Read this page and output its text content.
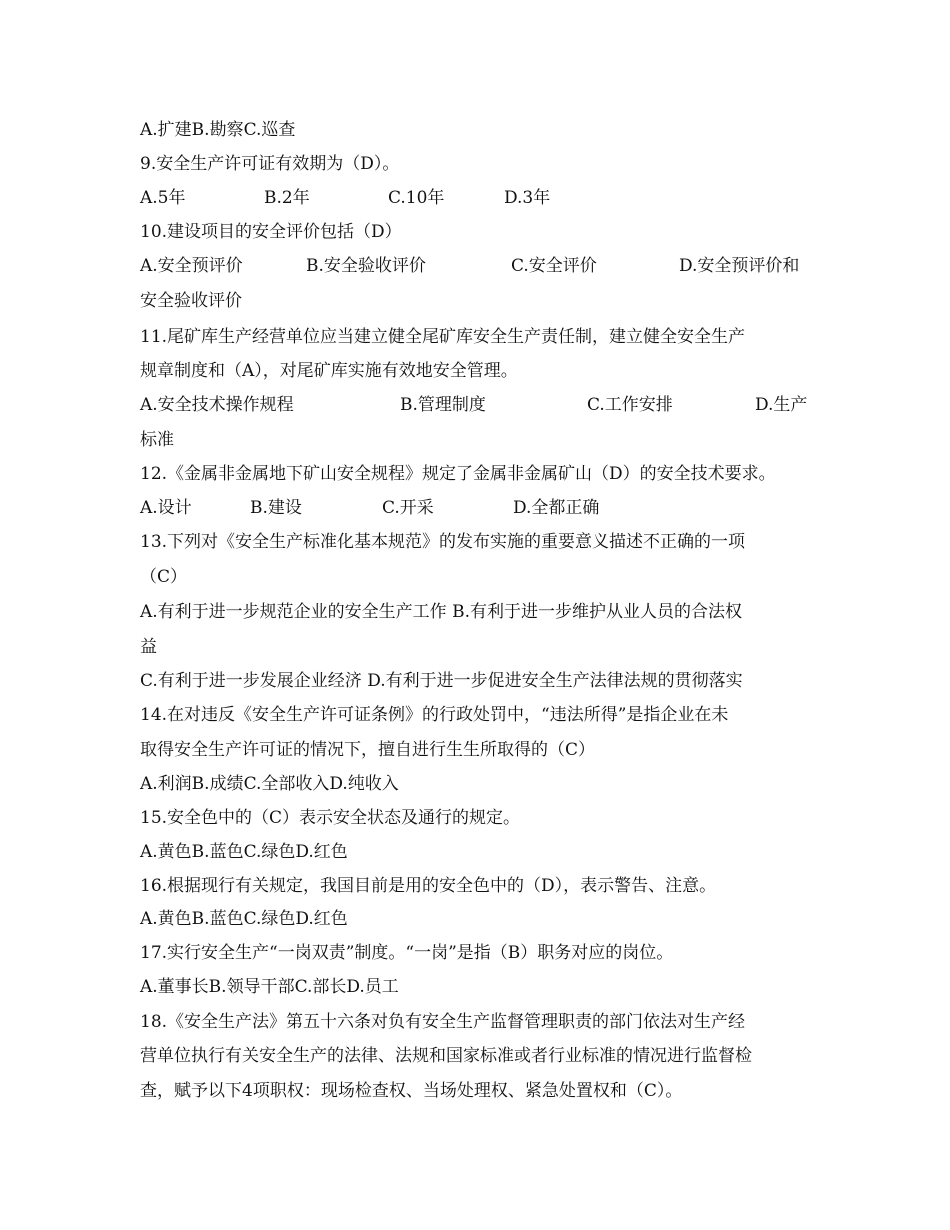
A.扩建B.勘察C.巡查
9.安全生产许可证有效期为（D）。
A.5年	B.2年	C.10年	D.3年
10.建设项目的安全评价包括（D）
A.安全预评价	B.安全验收评价	C.安全评价	D.安全预评价和
安全验收评价
11.尾矿库生产经营单位应当建立健全尾矿库安全生产责任制，建立健全安全生产
规章制度和（A），对尾矿库实施有效地安全管理。
A.安全技术操作规程	B.管理制度	C.工作安排	D.生产
标准
12.《金属非金属地下矿山安全规程》规定了金属非金属矿山（D）的安全技术要求。
A.设计	B.建设	C.开采	D.全都正确
13.下列对《安全生产标准化基本规范》的发布实施的重要意义描述不正确的一项
（C）
A.有利于进一步规范企业的安全生产工作 B.有利于进一步维护从业人员的合法权
益
C.有利于进一步发展企业经济 D.有利于进一步促进安全生产法律法规的贯彻落实
14.在对违反《安全生产许可证条例》的行政处罚中，“违法所得”是指企业在未
取得安全生产许可证的情况下，擅自进行生生所取得的（C）
A.利润B.成绩C.全部收入D.纯收入
15.安全色中的（C）表示安全状态及通行的规定。
A.黄色B.蓝色C.绿色D.红色
16.根据现行有关规定，我国目前是用的安全色中的（D），表示警告、注意。
A.黄色B.蓝色C.绿色D.红色
17.实行安全生产“一岗双责”制度。“一岗”是指（B）职务对应的岗位。
A.董事长B.领导干部C.部长D.员工
18.《安全生产法》第五十六条对负有安全生产监督管理职责的部门依法对生产经
营单位执行有关安全生产的法律、法规和国家标准或者行业标准的情况进行监督检
查，赋予以下4项职权：现场检查权、当场处理权、紧急处置权和（C）。
